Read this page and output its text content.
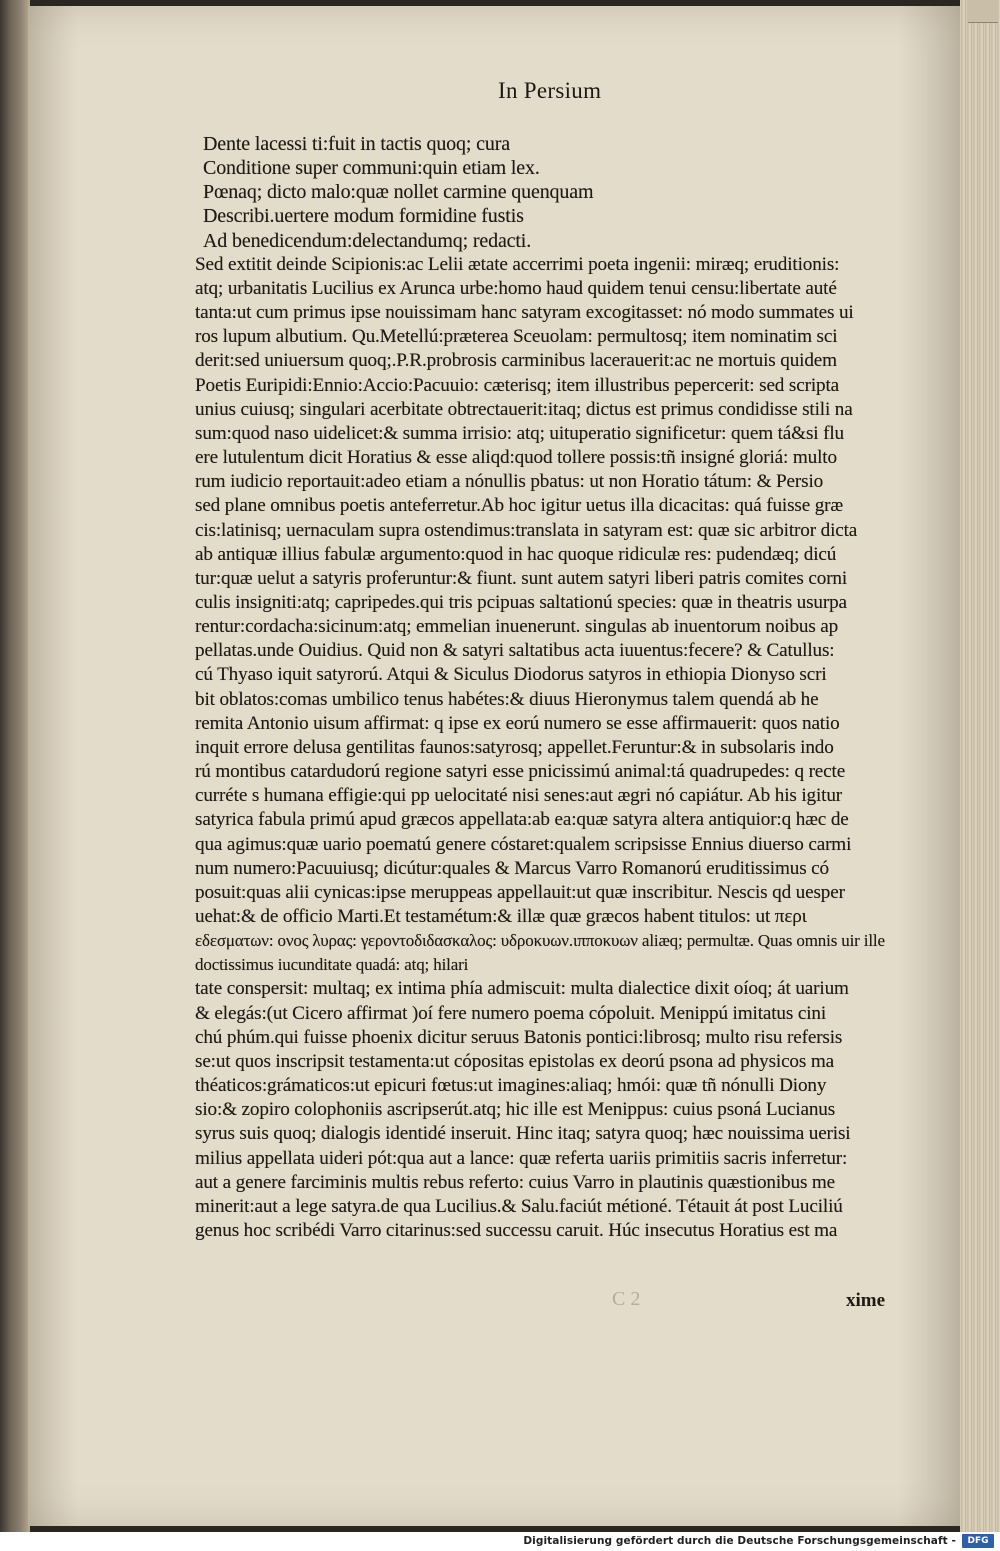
In Persium
Dente lacessi ti:fuit in tactis quoq; cura
Conditione super communi:quin etiam lex.
Pœnaq; dicto malo:quæ nollet carmine quenquam
Describi.uertere modum formidine fustis
Ad benedicendum:delectandumq; redacti.
Sed extitit deinde Scipionis:ac Lelii ætate accerrimi poeta ingenii: miræq; eruditionis:
atq; urbanitatis Lucilius ex Arunca urbe:homo haud quidem tenui censu:libertate auté
tanta:ut cum primus ipse nouissimam hanc satyram excogitasset: nó modo summates ui
ros lupum albutium. Qu.Metellú:præterea Sceuolam: permultosq; item nominatim sci
derit:sed uniuersum quoq;.P.R.probrosis carminibus lacerauerit:ac ne mortuis quidem
Poetis Euripidi:Ennio:Accio:Pacuuio: cæterisq; item illustribus pepercerit: sed scripta
unius cuiusq; singulari acerbitate obtrectauerit:itaq; dictus est primus condidisse stili na
sum:quod naso uidelicet:& summa irrisio: atq; uituperatio significetur: quem tá&si flu
ere lutulentum dicit Horatius & esse aliqd:quod tollere possis:tñ insigné gloriá: multo
rum iudicio reportauit:adeo etiam a nónullis pbatus: ut non Horatio tátum: & Persio
sed plane omnibus poetis anteferretur.Ab hoc igitur uetus illa dicacitas: quá fuisse græ
cis:latinisq; uernaculam supra ostendimus:translata in satyram est: quæ sic arbitror dicta
ab antiquæ illius fabulæ argumento:quod in hac quoque ridiculæ res: pudendæq; dicú
tur:quæ uelut a satyris proferuntur:& fiunt. sunt autem satyri liberi patris comites corni
culis insigniti:atq; capripedes.qui tris pcipuas saltationú species: quæ in theatris usurpa
rentur:cordacha:sicinum:atq; emmelian inuenerunt. singulas ab inuentorum noibus ap
pellatas.unde Ouidius. Quid non & satyri saltatibus acta iuuentus:fecere? & Catullus:
cú Thyaso iquit satyrorú. Atqui & Siculus Diodorus satyros in ethiopia Dionyso scri
bit oblatos:comas umbilico tenus habétes:& diuus Hieronymus talem quendá ab he
remita Antonio uisum affirmat: q ipse ex eorú numero se esse affirmauerit: quos natio
inquit errore delusa gentilitas faunos:satyrosq; appellet.Feruntur:& in subsolaris indo
rú montibus catardudorú regione satyri esse pnicissimú animal:tá quadrupedes: q recte
curréte s humana effigie:qui pp uelocitaté nisi senes:aut ægri nó capiátur. Ab his igitur
satyrica fabula primú apud græcos appellata:ab ea:quæ satyra altera antiquior:q hæc de
qua agimus:quæ uario poematú genere cóstaret:qualem scripsisse Ennius diuerso carmi
num numero:Pacuuiusq; dicútur:quales & Marcus Varro Romanorú eruditissimus có
posuit:quas alii cynicas:ipse meruppeas appellauit:ut quæ inscribitur. Nescis qd uesper
uehat:& de officio Marti.Et testamétum:& illæ quæ græcos habent titulos: ut περι
εδεσματων: ονος λυρας: γεροντοδιδασκαλος: υδροκυων.ιπποκυων aliæq; permultæ. Quas omnis uir ille doctissimus iucunditate quadá: atq; hilari
tate conspersit: multaq; ex intima phía admiscuit: multa dialectice dixit oíoq; át uarium
& elegás:(ut Cicero affirmat )oí fere numero poema cópoluit. Menippú imitatus cini
chú phúm.qui fuisse phoenix dicitur seruus Batonis pontici:librosq; multo risu refersis
se:ut quos inscripsit testamenta:ut cópositas epistolas ex deorú psona ad physicos ma
théaticos:grámaticos:ut epicuri fœtus:ut imagines:aliaq; hmói: quæ tñ nónulli Diony
sio:& zopiro colophoniis ascripserút.atq; hic ille est Menippus: cuius psoná Lucianus
syrus suis quoq; dialogis identidé inseruit. Hinc itaq; satyra quoq; hæc nouissima uerisi
milius appellata uideri pót:qua aut a lance: quæ referta uariis primitiis sacris inferretur:
aut a genere farciminis multis rebus referto: cuius Varro in plautinis quæstionibus me
minerit:aut a lege satyra.de qua Lucilius.& Salu.faciút métioné. Tétauit át post Luciliú
genus hoc scribédi Varro citarinus:sed successu caruit. Húc insecutus Horatius est ma
C 2	xime
Digitalisierung gefördert durch die Deutsche Forschungsgemeinschaft -	DFG
